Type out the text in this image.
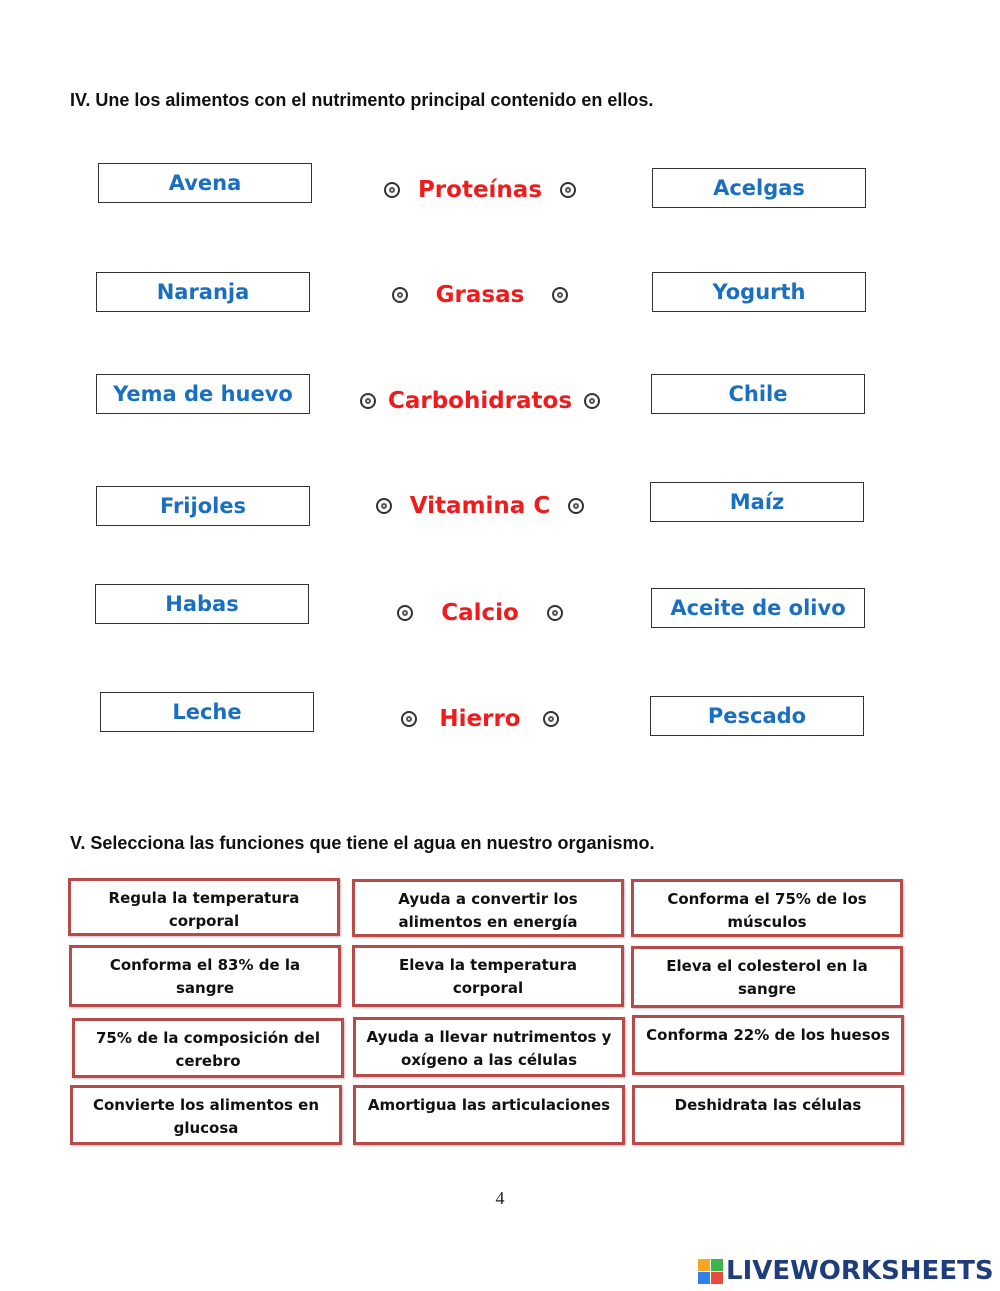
IV. Une los alimentos con el nutrimento principal contenido en ellos.
Avena	Proteínas	Acelgas
Naranja	Grasas	Yogurth
Yema de huevo	Carbohidratos	Chile
Frijoles	Vitamina C	Maíz
Habas	Calcio	Aceite de olivo
Leche	Hierro	Pescado
V. Selecciona las funciones que tiene el agua en nuestro organismo.
Regula la temperatura corporal
Ayuda a convertir los alimentos en energía
Conforma el 75% de los músculos
Conforma el 83% de la sangre
Eleva la temperatura corporal
Eleva el colesterol en la sangre
75% de la composición del cerebro
Ayuda a llevar nutrimentos y oxígeno a las células
Conforma 22% de los huesos
Convierte los alimentos en glucosa
Amortigua las articulaciones	Deshidrata las células
4
LIVEWORKSHEETS
